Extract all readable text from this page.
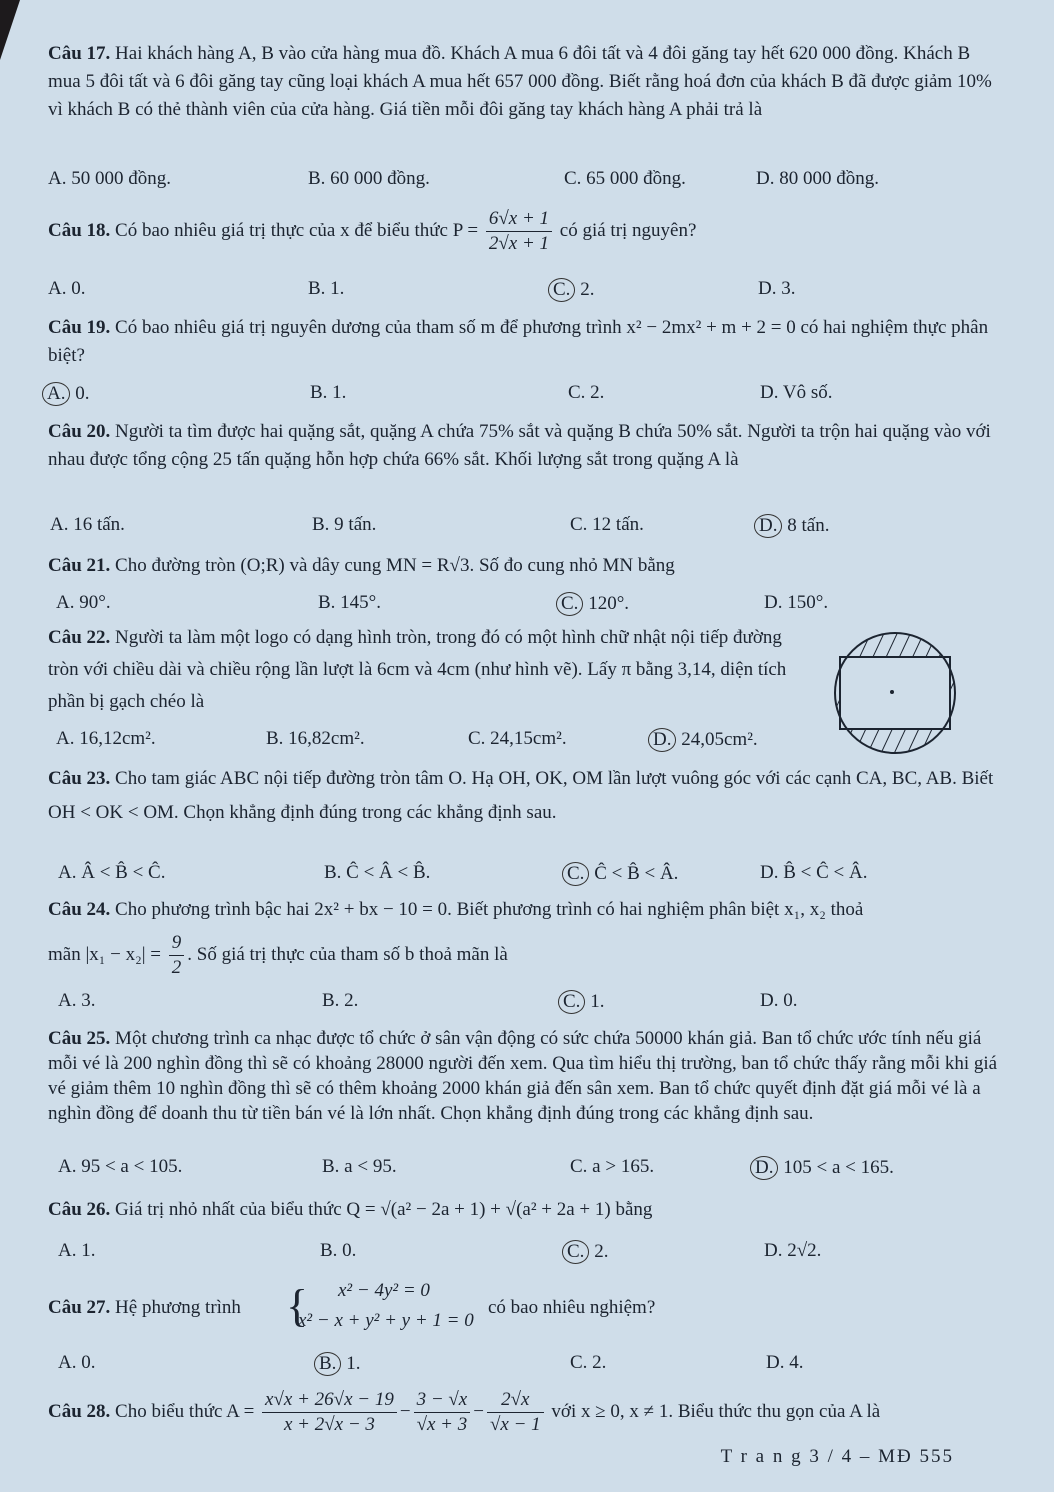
Câu 17. Hai khách hàng A, B vào cửa hàng mua đồ. Khách A mua 6 đôi tất và 4 đôi găng tay hết 620 000 đồng. Khách B mua 5 đôi tất và 6 đôi găng tay cũng loại khách A mua hết 657 000 đồng. Biết rằng hoá đơn của khách B đã được giảm 10% vì khách B có thẻ thành viên của cửa hàng. Giá tiền mỗi đôi găng tay khách hàng A phải trả là
A. 50 000 đồng.	B. 60 000 đồng.	C. 65 000 đồng.	D. 80 000 đồng.
Câu 18. Có bao nhiêu giá trị thực của x để biểu thức $P = \frac{6√x + 1}{2√x + 1}$ có giá trị nguyên?
A. 0.	B. 1.	C. 2.	D. 3.
Câu 19. Có bao nhiêu giá trị nguyên dương của tham số m để phương trình x² − 2mx² + m + 2 = 0 có hai nghiệm thực phân biệt?
A. 0.	B. 1.	C. 2.	D. Vô số.
Câu 20. Người ta tìm được hai quặng sắt, quặng A chứa 75% sắt và quặng B chứa 50% sắt. Người ta trộn hai quặng vào với nhau được tổng cộng 25 tấn quặng hỗn hợp chứa 66% sắt. Khối lượng sắt trong quặng A là
A. 16 tấn.	B. 9 tấn.	C. 12 tấn.	D. 8 tấn.
Câu 21. Cho đường tròn (O;R) và dây cung MN = R√3. Số đo cung nhỏ MN bằng
A. 90°.	B. 145°.	C. 120°.	D. 150°.
Câu 22. Người ta làm một logo có dạng hình tròn, trong đó có một hình chữ nhật nội tiếp đường tròn với chiều dài và chiều rộng lần lượt là 6cm và 4cm (như hình vẽ). Lấy π bằng 3,14, diện tích phần bị gạch chéo là
A. 16,12cm².	B. 16,82cm².	C. 24,15cm².	D. 24,05cm².
Câu 23. Cho tam giác ABC nội tiếp đường tròn tâm O. Hạ OH, OK, OM lần lượt vuông góc với các cạnh CA, BC, AB. Biết OH < OK < OM. Chọn khẳng định đúng trong các khẳng định sau.
A. Â < B̂ < Ĉ.	B. Ĉ < Â < B̂.	C. Ĉ < B̂ < Â.	D. B̂ < Ĉ < Â.
Câu 24. Cho phương trình bậc hai 2x² + bx − 10 = 0. Biết phương trình có hai nghiệm phân biệt x₁, x₂ thoả
mãn $|x_1 - x_2| = \frac{9}{2}$ . Số giá trị thực của tham số b thoả mãn là
A. 3.	B. 2.	C. 1.	D. 0.
Câu 25. Một chương trình ca nhạc được tổ chức ở sân vận động có sức chứa 50000 khán giả. Ban tổ chức ước tính nếu giá mỗi vé là 200 nghìn đồng thì sẽ có khoảng 28000 người đến xem. Qua tìm hiểu thị trường, ban tổ chức thấy rằng mỗi khi giá vé giảm thêm 10 nghìn đồng thì sẽ có thêm khoảng 2000 khán giả đến sân xem. Ban tổ chức quyết định đặt giá mỗi vé là a nghìn đồng để doanh thu từ tiền bán vé là lớn nhất. Chọn khẳng định đúng trong các khẳng định sau.
A. 95 < a < 105.	B. a < 95.	C. a > 165.	D. 105 < a < 165.
Câu 26. Giá trị nhỏ nhất của biểu thức Q = √(a² − 2a + 1) + √(a² + 2a + 1) bằng
A. 1.	B. 0.	C. 2.	D. 2√2.
Câu 27. Hệ phương trình { x² − 4y² = 0
x² − x + y² + y + 1 = 0
có bao nhiêu nghiệm?
A. 0.	B. 1.	C. 2.	D. 4.
Câu 28. Cho biểu thức $A = \frac{x√x + 26√x - 19}{x + 2√x - 3} - \frac{3 - √x}{√x + 3} - \frac{2√x}{√x - 1}$ với x ≥ 0, x ≠ 1. Biểu thức thu gọn của A là
T r a n g 3 / 4 – MĐ 555
